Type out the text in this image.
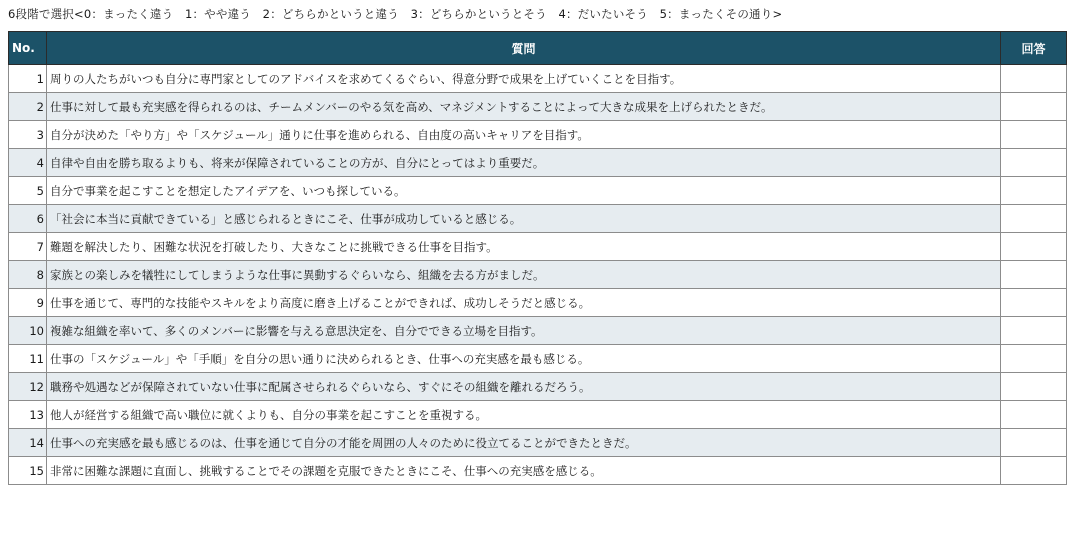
6段階で選択<0：まったく違う　1：やや違う　2：どちらかというと違う　3：どちらかというとそう　4：だいたいそう　5：まったくその通り>
No.	質問	回答
1	周りの人たちがいつも自分に専門家としてのアドバイスを求めてくるぐらい、得意分野で成果を上げていくことを目指す。	
2	仕事に対して最も充実感を得られるのは、チームメンバーのやる気を高め、マネジメントすることによって大きな成果を上げられたときだ。	
3	自分が決めた「やり方」や「スケジュール」通りに仕事を進められる、自由度の高いキャリアを目指す。	
4	自律や自由を勝ち取るよりも、将来が保障されていることの方が、自分にとってはより重要だ。	
5	自分で事業を起こすことを想定したアイデアを、いつも探している。	
6	「社会に本当に貢献できている」と感じられるときにこそ、仕事が成功していると感じる。	
7	難題を解決したり、困難な状況を打破したり、大きなことに挑戦できる仕事を目指す。	
8	家族との楽しみを犠牲にしてしまうような仕事に異動するぐらいなら、組織を去る方がましだ。	
9	仕事を通じて、専門的な技能やスキルをより高度に磨き上げることができれば、成功しそうだと感じる。	
10	複雑な組織を率いて、多くのメンバーに影響を与える意思決定を、自分でできる立場を目指す。	
11	仕事の「スケジュール」や「手順」を自分の思い通りに決められるとき、仕事への充実感を最も感じる。	
12	職務や処遇などが保障されていない仕事に配属させられるぐらいなら、すぐにその組織を離れるだろう。	
13	他人が経営する組織で高い職位に就くよりも、自分の事業を起こすことを重視する。	
14	仕事への充実感を最も感じるのは、仕事を通じて自分の才能を周囲の人々のために役立てることができたときだ。	
15	非常に困難な課題に直面し、挑戦することでその課題を克服できたときにこそ、仕事への充実感を感じる。	
